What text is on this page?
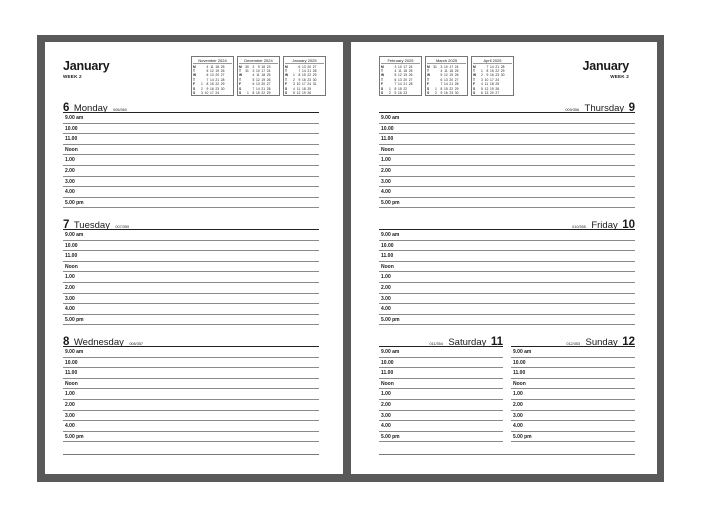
January
WEEK 2
November 2024
M	4 11 18 25
T	5 12 19 26
W	6 13 20 27
T	7 14 21 28
F	1	8 15 22 29
S	2	9 16 23 30
S	3 10 17 24
December 2024
M	30	2	9 16 23
T	31	3 10 17 24
W	4 11 18 25
T	5 12 19 26
F	6 13 20 27
S	7 14 21 28
S	1	8 15 22 29
January 2025
M	6 13 20 27
T	7 14 21 28
W	1	8 15 22 29
T	2	9 16 23 30
F	3 10 17 24 31
S	4 11 18 25
S	5 12 19 26
6 Monday 006/360
9.00 am
10.00
11.00
Noon
1.00
2.00
3.00
4.00
5.00 pm
7 Tuesday 007/359
9.00 am
10.00
11.00
Noon
1.00
2.00
3.00
4.00
5.00 pm
8 Wednesday 008/357
9.00 am
10.00
11.00
Noon
1.00
2.00
3.00
4.00
5.00 pm
January
WEEK 2
February 2025
M	3 10 17 24
T	4 11 18 25
W	5 12 19 26
T	6 13 20 27
F	7 14 21 28
S	1	8 15 22
S	2	9 16 23
March 2025
M	31	3 10 17 24
T	4 11 18 25
W	5 12 19 26
T	6 13 20 27
F	7 14 21 28
S	1	8 15 22 29
S	2	9 16 23 30
April 2025
M	7 14 21 28
T	1	8 15 22 29
W	2	9 16 23 30
T	3 10 17 24
F	4 11 18 25
S	5 12 19 26
S	6 13 20 27
009/356 Thursday 9
9.00 am
10.00
11.00
Noon
1.00
2.00
3.00
4.00
5.00 pm
010/355 Friday 10
9.00 am
10.00
11.00
Noon
1.00
2.00
3.00
4.00
5.00 pm
011/354 Saturday 11
9.00 am
10.00
11.00
Noon
1.00
2.00
3.00
4.00
5.00 pm
012/353 Sunday 12
9.00 am
10.00
11.00
Noon
1.00
2.00
3.00
4.00
5.00 pm
